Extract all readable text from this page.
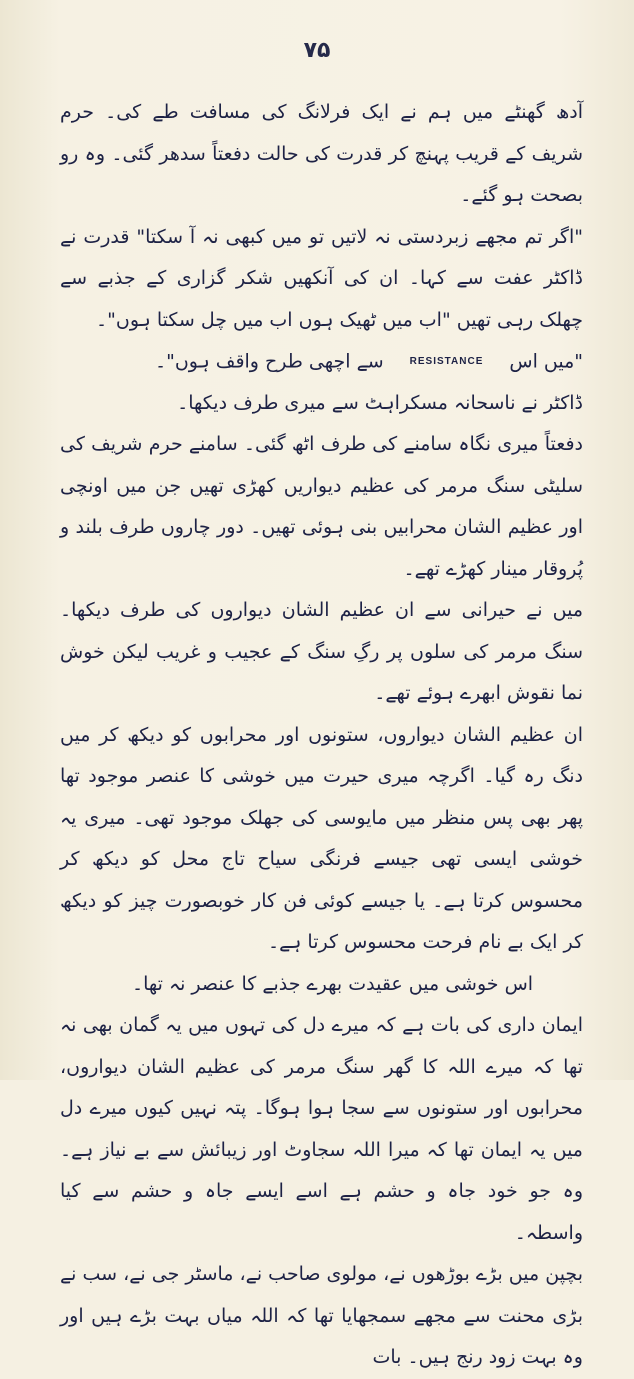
۷۵

آدھ گھنٹے میں ہم نے ایک فرلانگ کی مسافت طے کی۔ حرم شریف کے قریب پہنچ کر قدرت کی حالت دفعتاً سدھر گئی۔ وہ رو بصحت ہو گئے۔

"اگر تم مجھے زبردستی نہ لاتیں تو میں کبھی نہ آ سکتا" قدرت نے ڈاکٹر عفت سے کہا۔ ان کی آنکھیں شکر گزاری کے جذبے سے چھلک رہی تھیں "اب میں ٹھیک ہوں اب میں چل سکتا ہوں"۔

"میں اسRESISTANCEسے اچھی طرح واقف ہوں"۔

ڈاکٹر نے ناسحانہ مسکراہٹ سے میری طرف دیکھا۔

دفعتاً میری نگاہ سامنے کی طرف اٹھ گئی۔ سامنے حرم شریف کی سلیٹی سنگ مرمر کی عظیم دیواریں کھڑی تھیں جن میں اونچی اور عظیم الشان محرابیں بنی ہوئی تھیں۔ دور چاروں طرف بلند و پُروقار مینار کھڑے تھے۔

میں نے حیرانی سے ان عظیم الشان دیواروں کی طرف دیکھا۔ سنگ مرمر کی سلوں پر رگِ سنگ کے عجیب و غریب لیکن خوش نما نقوش ابھرے ہوئے تھے۔

ان عظیم الشان دیواروں، ستونوں اور محرابوں کو دیکھ کر میں دنگ رہ گیا۔ اگرچہ میری حیرت میں خوشی کا عنصر موجود تھا پھر بھی پس منظر میں مایوسی کی جھلک موجود تھی۔ میری یہ خوشی ایسی تھی جیسے فرنگی سیاح تاج محل کو دیکھ کر محسوس کرتا ہے۔ یا جیسے کوئی فن کار خوبصورت چیز کو دیکھ کر ایک بے نام فرحت محسوس کرتا ہے۔

اس خوشی میں عقیدت بھرے جذبے کا عنصر نہ تھا۔

ایمان داری کی بات ہے کہ میرے دل کی تہوں میں یہ گمان بھی نہ تھا کہ میرے اللہ کا گھر سنگ مرمر کی عظیم الشان دیواروں، محرابوں اور ستونوں سے سجا ہوا ہوگا۔ پتہ نہیں کیوں میرے دل میں یہ ایمان تھا کہ میرا اللہ سجاوٹ اور زیبائش سے بے نیاز ہے۔ وہ جو خود جاہ و حشم ہے اسے ایسے جاہ و حشم سے کیا واسطہ۔

بچپن میں بڑے بوڑھوں نے، مولوی صاحب نے، ماسٹر جی نے، سب نے بڑی محنت سے مجھے سمجھایا تھا کہ اللہ میاں بہت بڑے ہیں اور وہ بہت زود رنج ہیں۔ بات
